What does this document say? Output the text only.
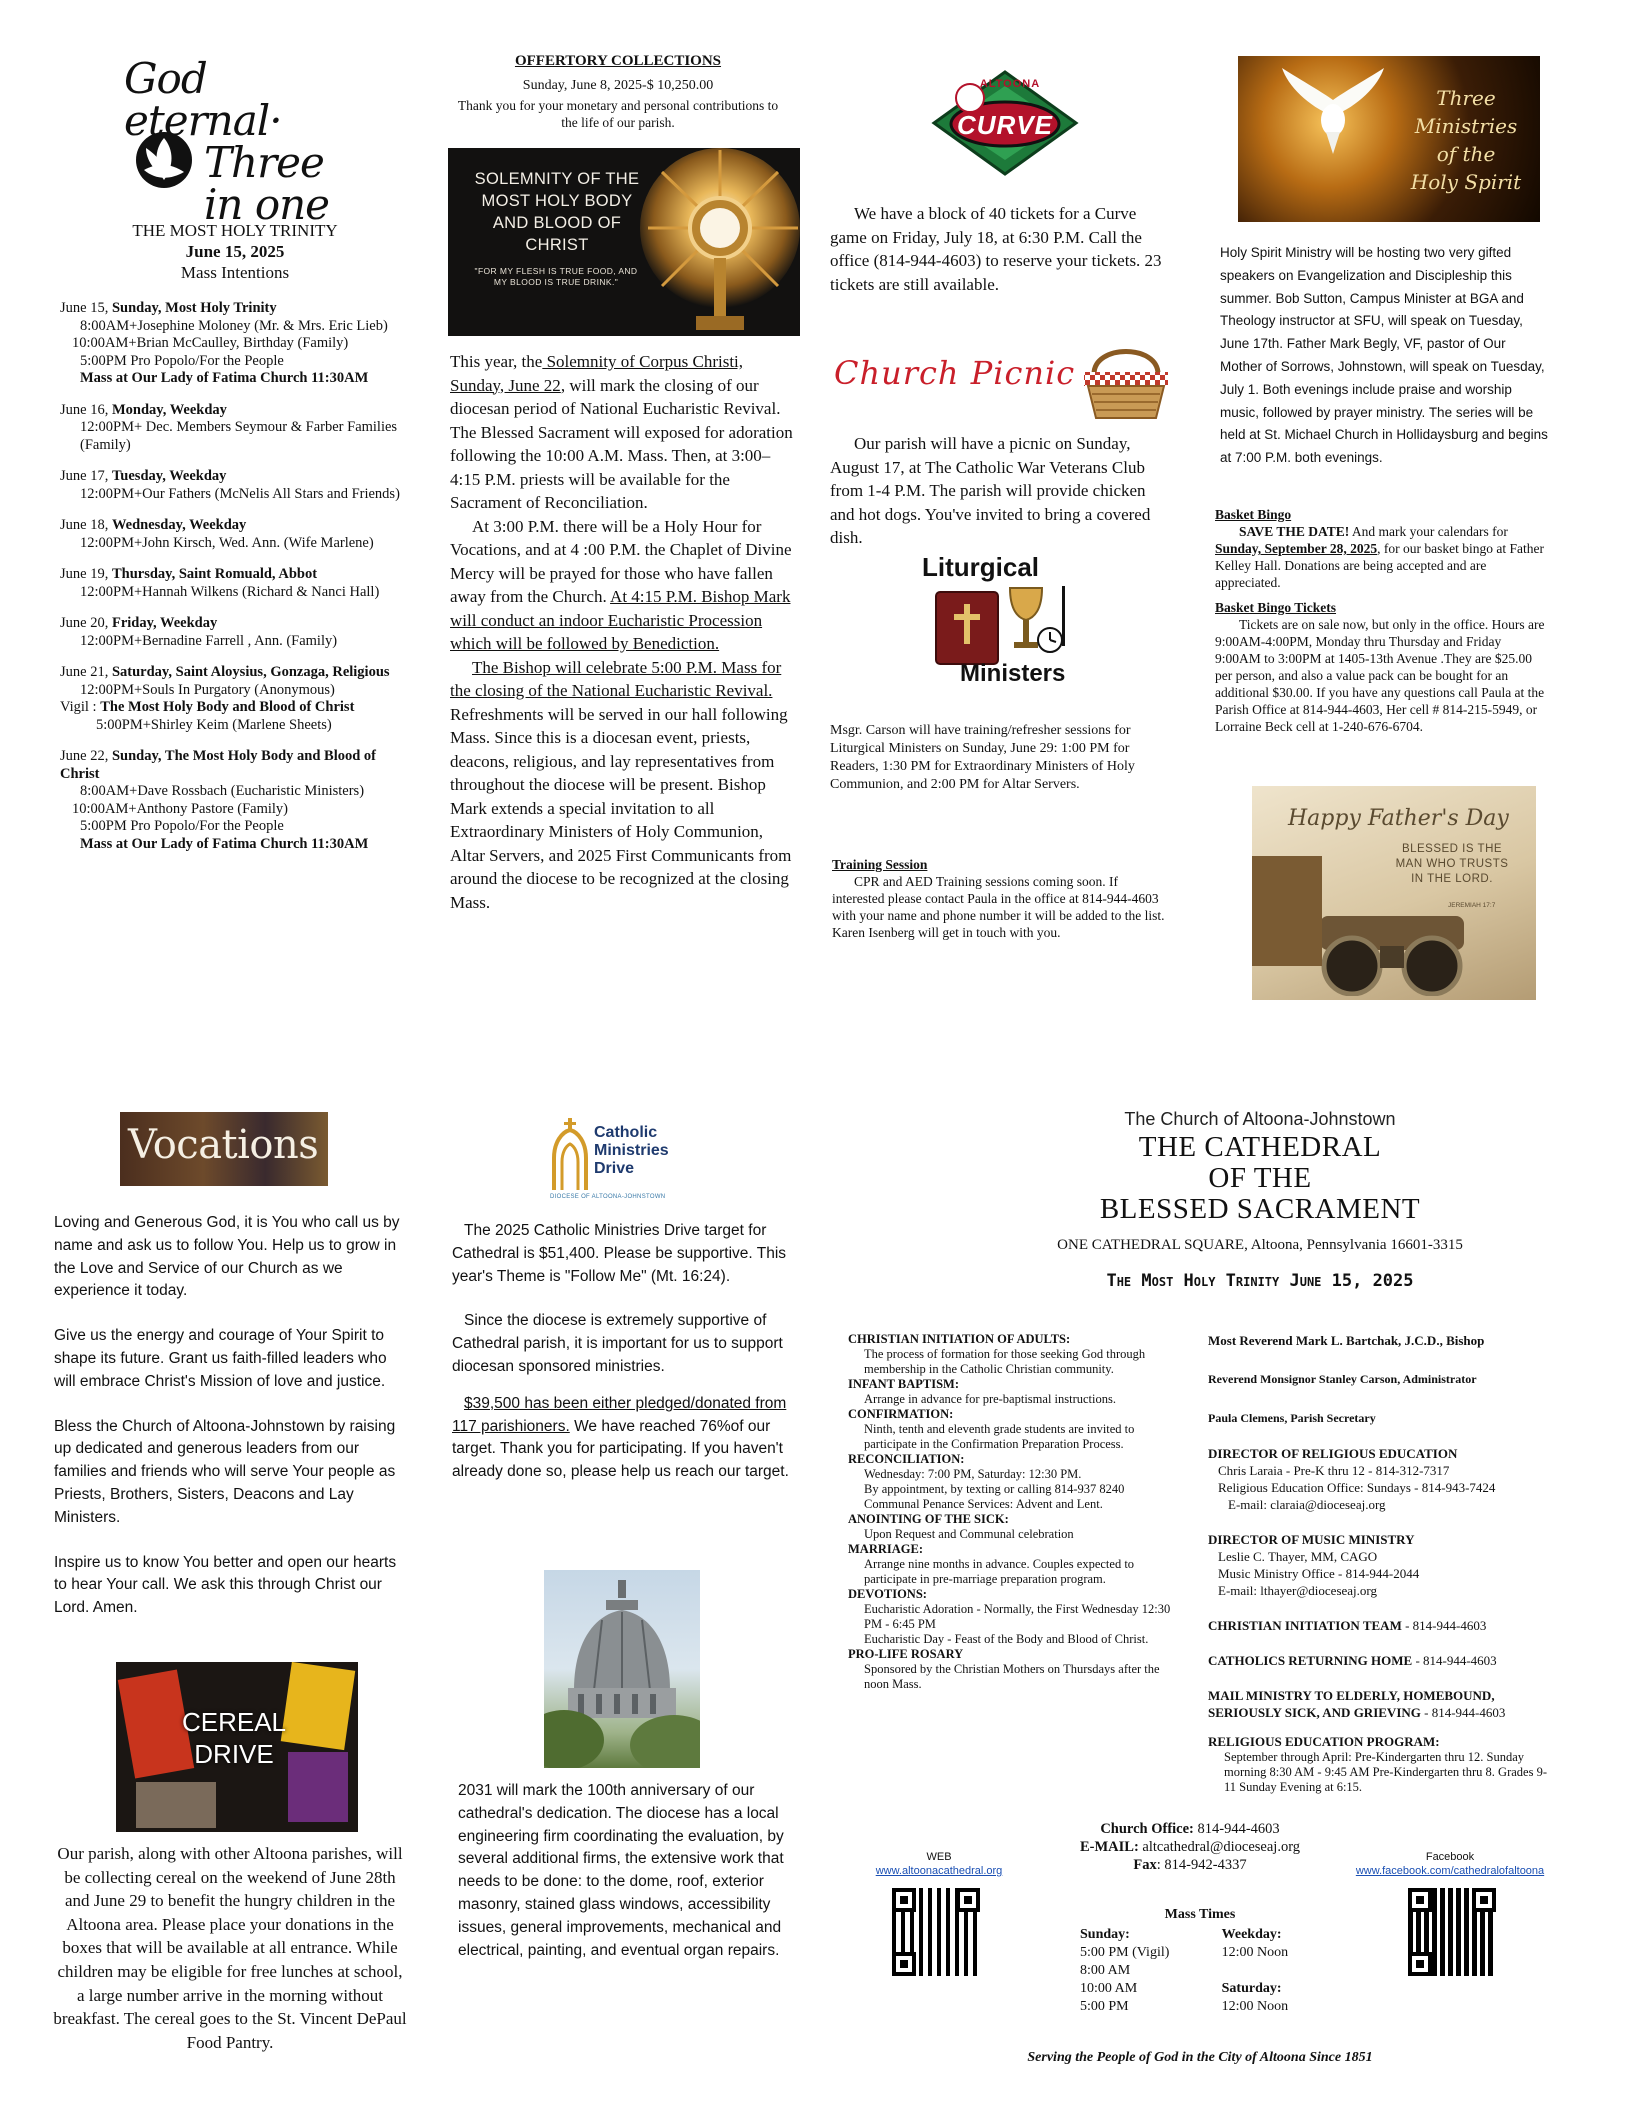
God eternal·
Three
in one
THE MOST HOLY TRINITY
June 15, 2025
Mass Intentions

June 15, Sunday, Most Holy Trinity

8:00AM+Josephine Moloney (Mr. & Mrs. Eric Lieb)

10:00AM+Brian McCaulley, Birthday (Family)

5:00PM Pro Popolo/For the People

Mass at Our Lady of Fatima Church 11:30AM

June 16, Monday, Weekday

12:00PM+ Dec. Members Seymour & Farber Families (Family)

June 17, Tuesday, Weekday

12:00PM+Our Fathers (McNelis All Stars and Friends)

June 18, Wednesday, Weekday

12:00PM+John Kirsch, Wed. Ann. (Wife Marlene)

June 19, Thursday, Saint Romuald, Abbot

12:00PM+Hannah Wilkens (Richard & Nanci Hall)

June 20, Friday, Weekday

12:00PM+Bernadine Farrell , Ann. (Family)

June 21, Saturday, Saint Aloysius, Gonzaga, Religious

12:00PM+Souls In Purgatory (Anonymous)

Vigil : The Most Holy Body and Blood of Christ

5:00PM+Shirley Keim (Marlene Sheets)

June 22, Sunday, The Most Holy Body and Blood of Christ

8:00AM+Dave Rossbach (Eucharistic Ministers)

10:00AM+Anthony Pastore (Family)

5:00PM Pro Popolo/For the People

Mass at Our Lady of Fatima Church 11:30AM

OFFERTORY COLLECTIONS
Sunday, June 8, 2025-$ 10,250.00
Thank you for your monetary and personal contributions to the life of our parish.
SOLEMNITY OF THE MOST HOLY BODY AND BLOOD OF CHRIST
"FOR MY FLESH IS TRUE FOOD, AND MY BLOOD IS TRUE DRINK."

This year, the Solemnity of Corpus Christi, Sunday, June 22, will mark the closing of our diocesan period of National Eucharistic Revival. The Blessed Sacrament will exposed for adoration following the 10:00 A.M. Mass. Then, at 3:00–4:15 P.M. priests will be available for the Sacrament of Reconciliation.

At 3:00 P.M. there will be a Holy Hour for Vocations, and at 4 :00 P.M. the Chaplet of Divine Mercy will be prayed for those who have fallen away from the Church. At 4:15 P.M. Bishop Mark will conduct an indoor Eucharistic Procession which will be followed by Benediction.

The Bishop will celebrate 5:00 P.M. Mass for the closing of the National Eucharistic Revival. Refreshments will be served in our hall following Mass. Since this is a diocesan event, priests, deacons, religious, and lay representatives from throughout the diocese will be present. Bishop Mark extends a special invitation to all Extraordinary Ministers of Holy Communion, Altar Servers, and 2025 First Communicants from around the diocese to be recognized at the closing Mass.

ALTOONA
CURVE
We have a block of 40 tickets for a Curve game on Friday, July 18, at 6:30 P.M. Call the office (814-944-4603) to reserve your tickets. 23 tickets are still available.
Church Picnic
Our parish will have a picnic on Sunday, August 17, at The Catholic War Veterans Club from 1-4 P.M. The parish will provide chicken and hot dogs. You've invited to bring a covered dish.
Liturgical
Ministers
Msgr. Carson will have training/refresher sessions for Liturgical Ministers on Sunday, June 29: 1:00 PM for Readers, 1:30 PM for Extraordinary Ministers of Holy Communion, and 2:00 PM for Altar Servers.
Training Session
CPR and AED Training sessions coming soon. If interested please contact Paula in the office at 814-944-4603 with your name and phone number it will be added to the list. Karen Isenberg will get in touch with you.
Three
Ministries
of the
Holy Spirit
Holy Spirit Ministry will be hosting two very gifted speakers on Evangelization and Discipleship this summer. Bob Sutton, Campus Minister at BGA and Theology instructor at SFU, will speak on Tuesday, June 17th. Father Mark Begly, VF, pastor of Our Mother of Sorrows, Johnstown, will speak on Tuesday, July 1. Both evenings include praise and worship music, followed by prayer ministry. The series will be held at St. Michael Church in Hollidaysburg and begins at 7:00 P.M. both evenings.
Basket Bingo
SAVE THE DATE! And mark your calendars for Sunday, September 28, 2025, for our basket bingo at Father Kelley Hall. Donations are being accepted and are appreciated.
Basket Bingo Tickets
Tickets are on sale now, but only in the office. Hours are 9:00AM-4:00PM, Monday thru Thursday and Friday 9:00AM to 3:00PM at 1405-13th Avenue .They are $25.00 per person, and also a value pack can be bought for an additional $30.00. If you have any questions call Paula at the Parish Office at 814-944-4603, Her cell # 814-215-5949, or Lorraine Beck cell at 1-240-676-6704.
Happy Father's Day
BLESSED IS THE MAN WHO TRUSTS IN THE LORD.
JEREMIAH 17:7
Vocations

Loving and Generous God, it is You who call us by name and ask us to follow You. Help us to grow in the Love and Service of our Church as we experience it today.

Give us the energy and courage of Your Spirit to shape its future. Grant us faith-filled leaders who will embrace Christ's Mission of love and justice.

Bless the Church of Altoona-Johnstown by raising up dedicated and generous leaders from our families and friends who will serve Your people as Priests, Brothers, Sisters, Deacons and Lay Ministers.

Inspire us to know You better and open our hearts to hear Your call. We ask this through Christ our Lord. Amen.

CEREAL DRIVE
Our parish, along with other Altoona parishes, will be collecting cereal on the weekend of June 28th and June 29 to benefit the hungry children in the Altoona area. Please place your donations in the boxes that will be available at all entrance. While children may be eligible for free lunches at school, a large number arrive in the morning without breakfast. The cereal goes to the St. Vincent DePaul Food Pantry.
Catholic
Ministries
Drive
DIOCESE OF ALTOONA-JOHNSTOWN

The 2025 Catholic Ministries Drive target for Cathedral is $51,400. Please be supportive. This year's Theme is "Follow Me" (Mt. 16:24).

Since the diocese is extremely supportive of Cathedral parish, it is important for us to support diocesan sponsored ministries.

$39,500 has been either pledged/donated from 117 parishioners. We have reached 76%of our target. Thank you for participating. If you haven't already done so, please help us reach our target.

2031 will mark the 100th anniversary of our cathedral's dedication. The diocese has a local engineering firm coordinating the evaluation, by several additional firms, the extensive work that needs to be done: to the dome, roof, exterior masonry, stained glass windows, accessibility issues, general improvements, mechanical and electrical, painting, and eventual organ repairs.
The Church of Altoona-Johnstown
THE CATHEDRAL
OF THE
BLESSED SACRAMENT
ONE CATHEDRAL SQUARE, Altoona, Pennsylvania 16601-3315
The Most Holy Trinity June 15, 2025
CHRISTIAN INITIATION OF ADULTS:
The process of formation for those seeking God through membership in the Catholic Christian community.
INFANT BAPTISM:
Arrange in advance for pre-baptismal instructions.
CONFIRMATION:
Ninth, tenth and eleventh grade students are invited to participate in the Confirmation Preparation Process.
RECONCILIATION:
Wednesday: 7:00 PM, Saturday: 12:30 PM.
By appointment, by texting or calling 814-937 8240 Communal Penance Services: Advent and Lent.
ANOINTING OF THE SICK:
Upon Request and Communal celebration
MARRIAGE:
Arrange nine months in advance. Couples expected to participate in pre-marriage preparation program.
DEVOTIONS:
Eucharistic Adoration - Normally, the First Wednesday 12:30 PM - 6:45 PM
Eucharistic Day - Feast of the Body and Blood of Christ.
PRO-LIFE ROSARY
Sponsored by the Christian Mothers on Thursdays after the noon Mass.
Most Reverend Mark L. Bartchak, J.C.D., Bishop
Reverend Monsignor Stanley Carson, Administrator
Paula Clemens, Parish Secretary
DIRECTOR OF RELIGIOUS EDUCATION
Chris Laraia - Pre-K thru 12 - 814-312-7317
Religious Education Office: Sundays - 814-943-7424
E-mail: claraia@dioceseaj.org
DIRECTOR OF MUSIC MINISTRY
Leslie C. Thayer, MM, CAGO
Music Ministry Office - 814-944-2044
E-mail: lthayer@dioceseaj.org
CHRISTIAN INITIATION TEAM - 814-944-4603
CATHOLICS RETURNING HOME - 814-944-4603
MAIL MINISTRY TO ELDERLY, HOMEBOUND, SERIOUSLY SICK, AND GRIEVING - 814-944-4603
RELIGIOUS EDUCATION PROGRAM:
September through April: Pre-Kindergarten thru 12. Sunday morning 8:30 AM - 9:45 AM Pre-Kindergarten thru 8. Grades 9-11 Sunday Evening at 6:15.
Church Office: 814-944-4603
E-MAIL: altcathedral@dioceseaj.org
Fax: 814-942-4337
WEB
www.altoonacathedral.org
Facebook
www.facebook.com/cathedralofaltoona
Mass Times
Sunday:
5:00 PM (Vigil)
8:00 AM
10:00 AM
5:00 PM
Weekday:
12:00 Noon
Saturday:
12:00 Noon
Serving the People of God in the City of Altoona Since 1851
